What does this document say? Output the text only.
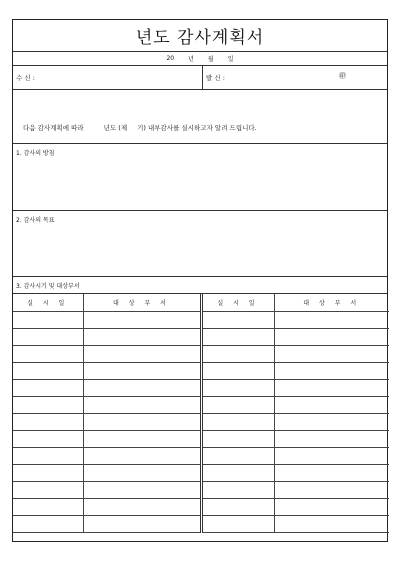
년도 감사계획서
20 년 월 일
수 신 :	발 신 :	㊞
다음 감사계획에 따라	년도 (제 기) 내부감사를 실시하고자 알려 드립니다.
1. 감사의 방침
2. 감사의 목표
3. 감사시기 및 대상부서
실 시 일	대 상 부 서	실 시 일	대 상 부 서
